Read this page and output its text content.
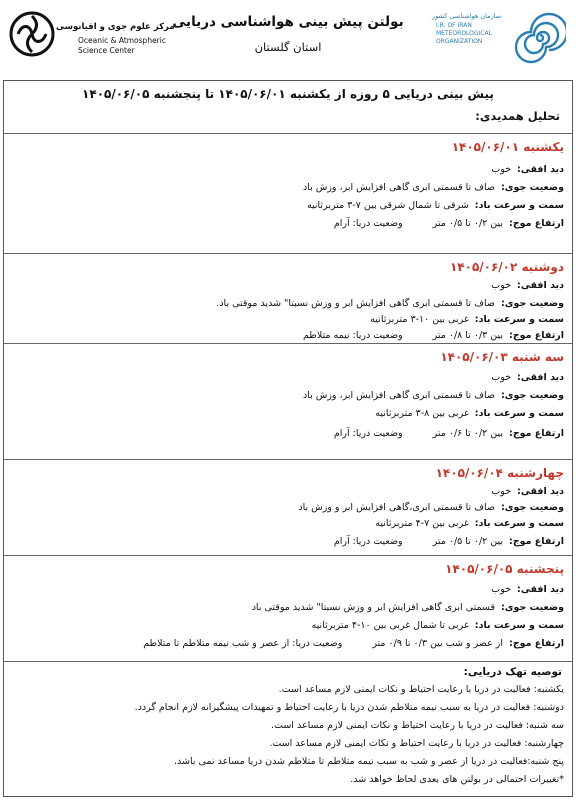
مرکز علوم جوی و اقیانوسی
Oceanic & Atmospheric
Science Center
بولتن پیش بینی هواشناسی دریایی
استان گلستان
سازمان هواشناسی کشور
I.R. OF IRAN
METEOROLOGICAL
ORGANIZATION
پیش بینی دریایی ۵ روزه از یکشنبه ۱۴۰۵/۰۶/۰۱ تا پنجشنبه ۱۴۰۵/۰۶/۰۵
تحلیل همدیدی:
یکشنبه ۱۴۰۵/۰۶/۰۱
دید افقی:خوب
وضعیت جوی:صاف تا قسمتی ابری گاهی افزایش ابر، وزش باد
سمت و سرعت باد:شرقی تا شمال شرقی بین ۷-۳ متربرثانیه
ارتفاع موج:بین ۰/۲ تا ۰/۵ متروضعیت دریا: آرام
دوشنبه ۱۴۰۵/۰۶/۰۲
دید افقی:خوب
وضعیت جوی:صاف تا قسمتی ابری گاهی افزایش ابر و وزش نسبتا" شدید موقتی باد.
سمت و سرعت باد:غربی بین ۱۰-۳ متربرثانیه
ارتفاع موج:بین ۰/۳ تا ۰/۸ متروضعیت دریا: نیمه متلاطم
سه شنبه ۱۴۰۵/۰۶/۰۳
دید افقی:خوب
وضعیت جوی:صاف تا قسمتی ابری گاهی افزایش ابر، وزش باد
سمت و سرعت باد:غربی بین ۸-۳ متربرثانیه
ارتفاع موج:بین ۰/۲ تا ۰/۶ متروضعیت دریا: آرام
چهارشنبه ۱۴۰۵/۰۶/۰۴
دید افقی:خوب
وضعیت جوی:صاف تا قسمتی ابری،گاهی افزایش ابر و وزش باد
سمت و سرعت باد:غربی بین ۷-۴ متربرثانیه
ارتفاع موج:بین ۰/۲ تا ۰/۵ متروضعیت دریا: آرام
پنجشنبه ۱۴۰۵/۰۶/۰۵
دید افقی:خوب
وضعیت جوی:قسمتی ابری گاهی افزایش ابر و وزش نسبتا" شدید موقتی باد
سمت و سرعت باد:غربی تا شمال غربی بین ۱۰-۴ متربرثانیه
ارتفاع موج:از عصر و شب بین ۰/۳ تا ۰/۹ متروضعیت دریا: از عصر و شب نیمه متلاطم تا متلاطم
توصیه تهک دریایی:
یکشنبه: فعالیت در دریا با رعایت احتیاط و نکات ایمنی لازم مساعد است.
دوشنبه: فعالیت در دریا به سبب نیمه متلاطم شدن دریا با رعایت احتیاط و تمهیدات پیشگیرانه لازم انجام گردد.
سه شنبه: فعالیت در دریا با رعایت احتیاط و نکات ایمنی لازم مساعد است.
چهارشنبه: فعالیت در دریا با رعایت احتیاط و نکات ایمنی لازم مساعد است.
پنج شنبه:فعالیت در دریا از عصر و شب به سبب نیمه متلاطم تا متلاطم شدن دریا مساعد نمی باشد.
*تغییرات احتمالی در بولتن های بعدی لحاظ خواهد شد.
